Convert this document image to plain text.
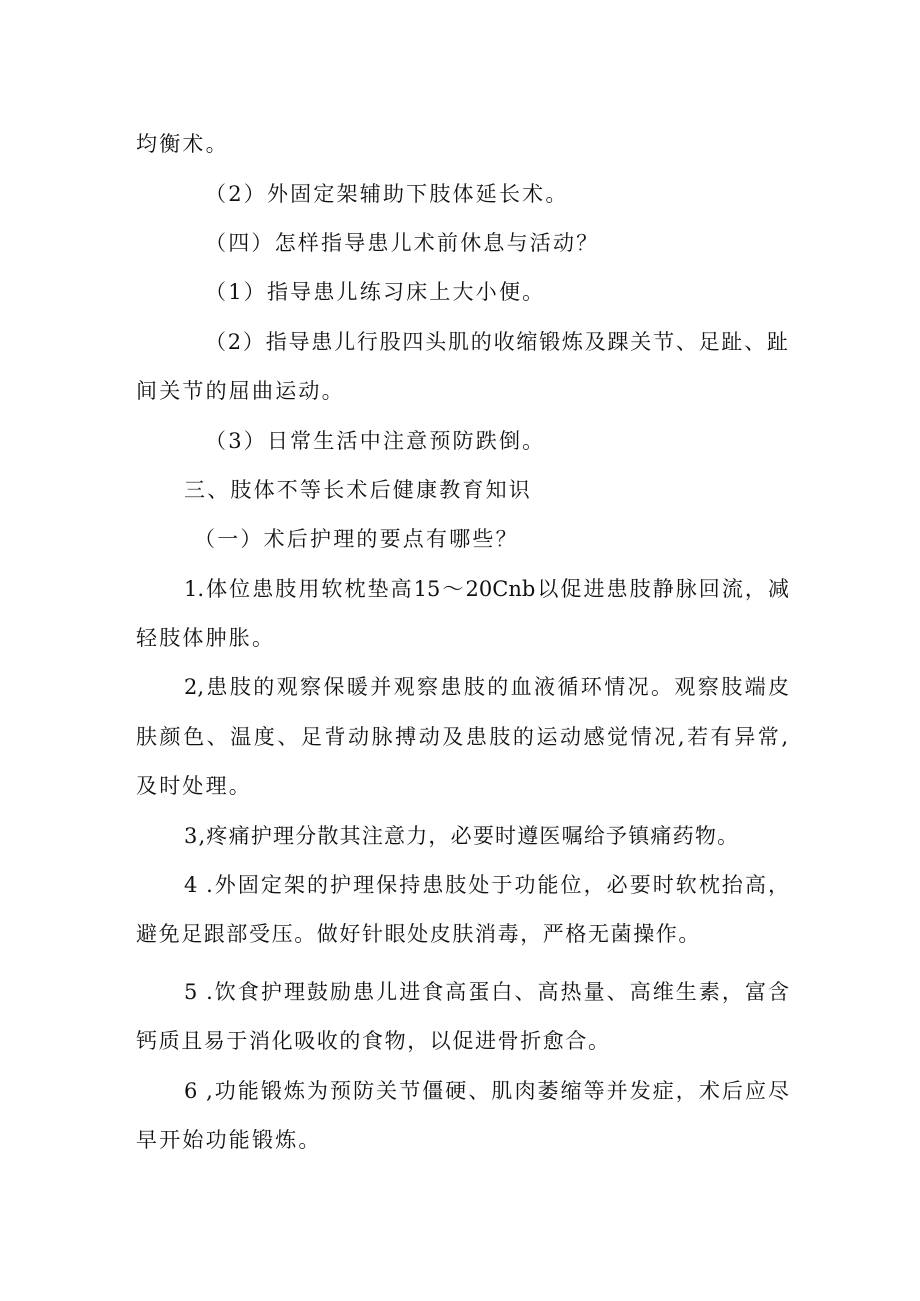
均衡术。

（2）外固定架辅助下肢体延长术。

（四）怎样指导患儿术前休息与活动？

（1）指导患儿练习床上大小便。

（2）指导患儿行股四头肌的收缩锻炼及踝关节、足趾、趾

间关节的屈曲运动。

（3）日常生活中注意预防跌倒。

三、肢体不等长术后健康教育知识

（一）术后护理的要点有哪些？

1.体位患肢用软枕垫高15～20Cnb以促进患肢静脉回流，减

轻肢体肿胀。

2,患肢的观察保暖并观察患肢的血液循环情况。观察肢端皮

肤颜色、温度、足背动脉搏动及患肢的运动感觉情况,若有异常,

及时处理。

3,疼痛护理分散其注意力，必要时遵医嘱给予镇痛药物。

4 .外固定架的护理保持患肢处于功能位，必要时软枕抬高，

避免足跟部受压。做好针眼处皮肤消毒，严格无菌操作。

5 .饮食护理鼓励患儿进食高蛋白、高热量、高维生素，富含

钙质且易于消化吸收的食物，以促进骨折愈合。

6 ,功能锻炼为预防关节僵硬、肌肉萎缩等并发症，术后应尽

早开始功能锻炼。
